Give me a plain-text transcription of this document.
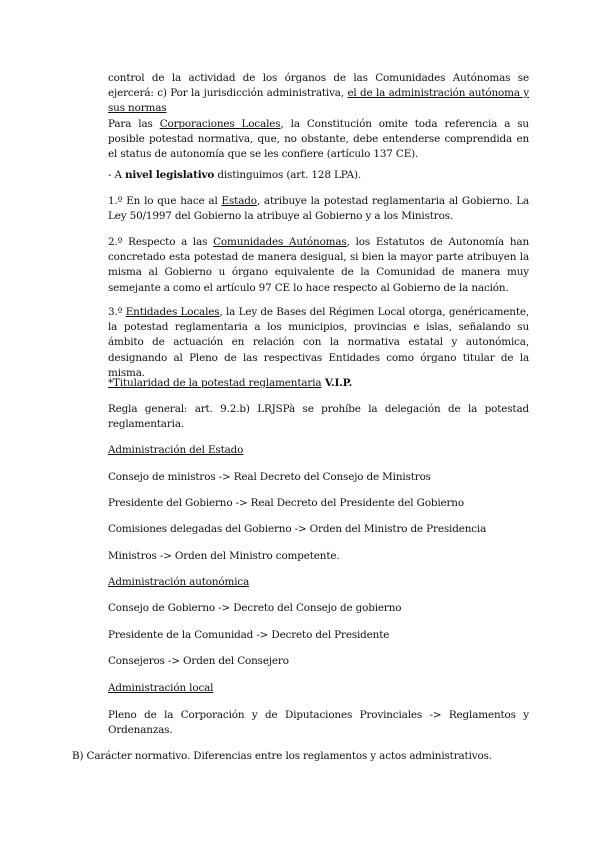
control de la actividad de los órganos de las Comunidades Autónomas se ejercerá: c) Por la jurisdicción administrativa, el de la administración autónoma y sus normas

Para las Corporaciones Locales, la Constitución omite toda referencia a su posible potestad normativa, que, no obstante, debe entenderse comprendida en el status de autonomía que se les confiere (artículo 137 CE).

- A nivel legislativo distinguimos (art. 128 LPA).

1.º En lo que hace al Estado, atribuye la potestad reglamentaria al Gobierno. La Ley 50/1997 del Gobierno la atribuye al Gobierno y a los Ministros.

2.º Respecto a las Comunidades Autónomas, los Estatutos de Autonomía han concretado esta potestad de manera desigual, si bien la mayor parte atribuyen la misma al Gobierno u órgano equivalente de la Comunidad de manera muy semejante a como el artículo 97 CE lo hace respecto al Gobierno de la nación.

3.º Entidades Locales, la Ley de Bases del Régimen Local otorga, genéricamente, la potestad reglamentaria a los municipios, provincias e islas, señalando su ámbito de actuación en relación con la normativa estatal y autonómica, designando al Pleno de las respectivas Entidades como órgano titular de la misma.

*Titularidad de la potestad reglamentaria V.I.P.

Regla general: art. 9.2.b) LRJSPà se prohíbe la delegación de la potestad reglamentaria.

Administración del Estado

Consejo de ministros -> Real Decreto del Consejo de Ministros

Presidente del Gobierno -> Real Decreto del Presidente del Gobierno

Comisiones delegadas del Gobierno -> Orden del Ministro de Presidencia

Ministros -> Orden del Ministro competente.

Administración autonómica

Consejo de Gobierno -> Decreto del Consejo de gobierno

Presidente de la Comunidad -> Decreto del Presidente

Consejeros -> Orden del Consejero

Administración local

Pleno de la Corporación y de Diputaciones Provinciales -> Reglamentos y Ordenanzas.

B) Carácter normativo. Diferencias entre los reglamentos y actos administrativos.
